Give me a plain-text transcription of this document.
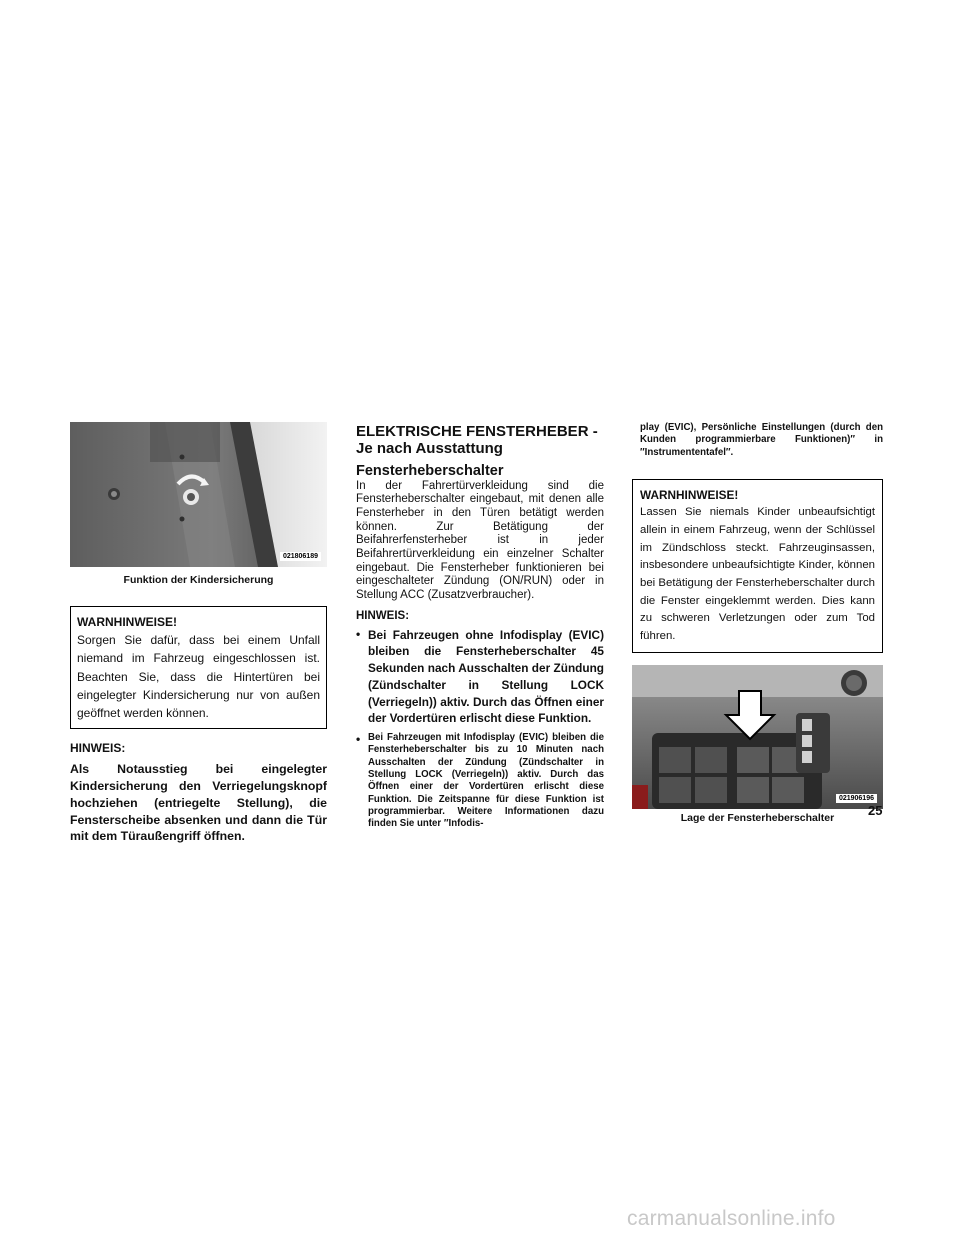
021806189
Funktion der Kindersicherung
WARNHINWEISE!

Sorgen Sie dafür, dass bei einem Unfall niemand im Fahrzeug eingeschlossen ist. Beachten Sie, dass die Hintertüren bei eingelegter Kindersicherung nur von außen geöffnet werden können.

HINWEIS:
Als Notausstieg bei eingelegter Kindersicherung den Verriegelungsknopf hochziehen (entriegelte Stellung), die Fensterscheibe absenken und dann die Tür mit dem Türaußengriff öffnen.
ELEKTRISCHE FENSTERHEBER - Je nach Ausstattung
Fensterheberschalter
In der Fahrertürverkleidung sind die Fensterheberschalter eingebaut, mit denen alle Fensterheber in den Türen betätigt werden können. Zur Betätigung der Beifahrerfensterheber ist in jeder Beifahrertürverkleidung ein einzelner Schalter eingebaut. Die Fensterheber funktionieren bei eingeschalteter Zündung (ON/RUN) oder in Stellung ACC (Zusatzverbraucher).
HINWEIS:
• Bei Fahrzeugen ohne Infodisplay (EVIC) bleiben die Fensterheberschalter 45 Sekunden nach Ausschalten der Zündung (Zündschalter in Stellung LOCK (Verriegeln)) aktiv. Durch das Öffnen einer der Vordertüren erlischt diese Funktion.
• Bei Fahrzeugen mit Infodisplay (EVIC) bleiben die Fensterheberschalter bis zu 10 Minuten nach Ausschalten der Zündung (Zündschalter in Stellung LOCK (Verriegeln)) aktiv. Durch das Öffnen einer der Vordertüren erlischt diese Funktion. Die Zeitspanne für diese Funktion ist programmierbar. Weitere Informationen dazu finden Sie unter ″Infodis-
play (EVIC), Persönliche Einstellungen (durch den Kunden programmierbare Funktionen)″ in ″Instrumententafel″.
WARNHINWEISE!

Lassen Sie niemals Kinder unbeaufsichtigt allein in einem Fahrzeug, wenn der Schlüssel im Zündschloss steckt. Fahrzeuginsassen, insbesondere unbeaufsichtigte Kinder, können bei Betätigung der Fensterheberschalter durch die Fenster eingeklemmt werden. Dies kann zu schweren Verletzungen oder zum Tod führen.

021906196
Lage der Fensterheberschalter	25
carmanualsonline.info
